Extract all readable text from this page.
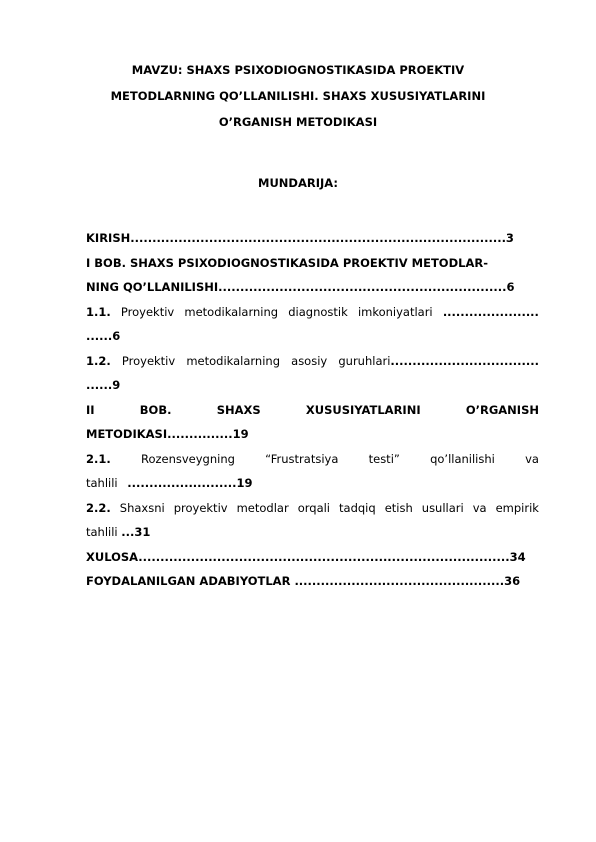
MAVZU: SHAXS PSIXODIOGNOSTIKASIDA PROEKTIV
METODLARNING QO’LLANILISHI. SHAXS XUSUSIYATLARINI
O’RGANISH METODIKASI
MUNDARIJA:
KIRISH......................................................................................3
I BOB. SHAXS PSIXODIOGNOSTIKASIDA PROEKTIV METODLAR-
NING QO’LLANILISHI..................................................................6
1.1. Proyektiv metodikalarning diagnostik imkoniyatlari ......................
......6
1.2. Proyektiv metodikalarning asosiy guruhlari..................................
......9
II	BOB.	SHAXS	XUSUSIYATLARINI	O’RGANISH
METODIKASI...............19
2.1.	Rozensveygning	“Frustratsiya	testi”	qo’llanilishi	va
tahlili .........................19
2.2. Shaxsni proyektiv metodlar orqali tadqiq etish usullari va empirik
tahlili ...31
XULOSA.....................................................................................34
FOYDALANILGAN ADABIYOTLAR ................................................36
